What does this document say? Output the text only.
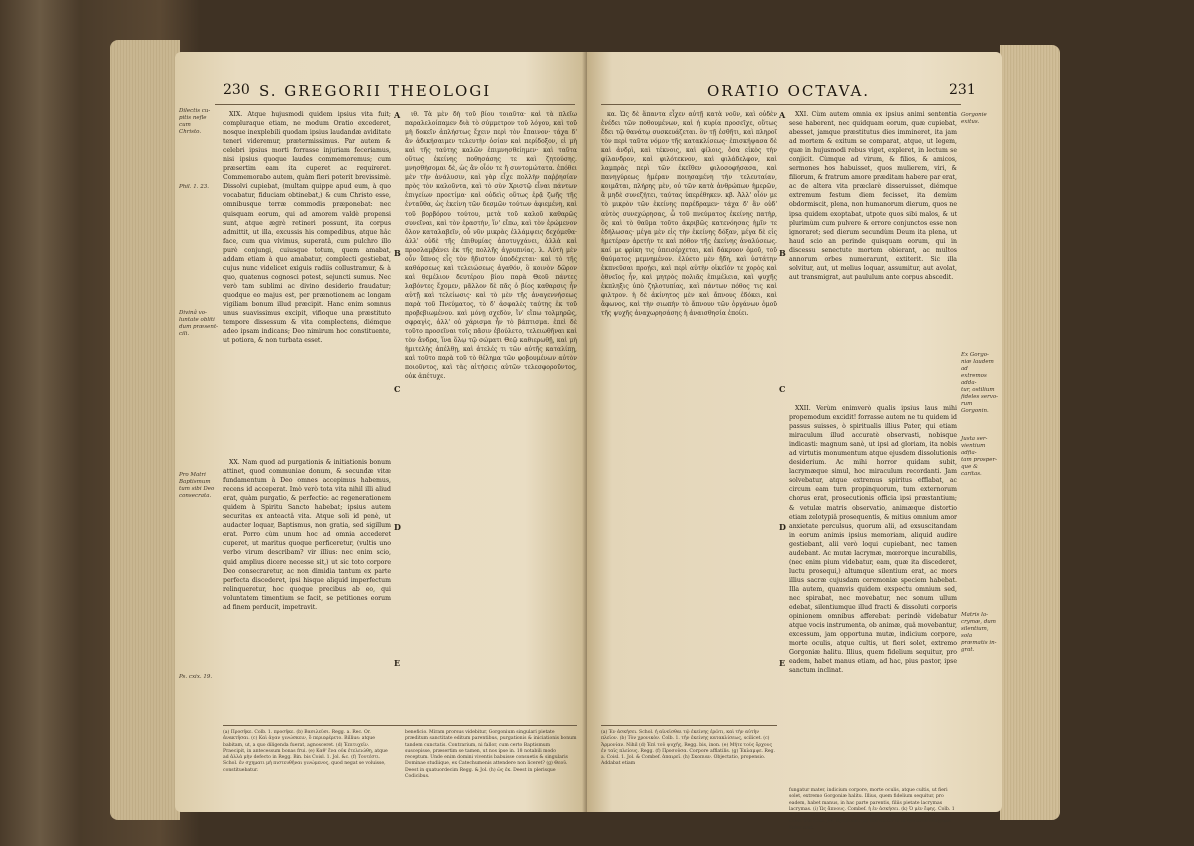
230 S. GREGORII THEOLOGI
Dilectis cu-
pitis nefle cum
Christo.
Phil. 1. 23.
Divinâ vo-
luntate obliti
dum præsent-
cili.
Pro Matri
Baptismum
tum sibi Deo
consecrata.
Ps. cxix. 19.

XIX. Atque hujusmodi quidem ipsius vita fuit; compluraque etiam, ne modum Oratio excederet, nosque inexplebili quodam ipsius laudandæ aviditate teneri videremur, prætermissimus. Par autem & celebri ipsius morti forrasse injuriam feceriamus, nisi ipsius quoque laudes commemoremus; cum præsertim eam ita cuperet ac requireret. Commemorabo autem, quàm fieri poterit brevissimè. Dissolvi cupiebat, (multam quippe apud eum, à quo vocabatur, fiduciam obtinebat,) & cum Christo esse, omnibusque terræ commodis præponebat: nec quisquam eorum, qui ad amorem valdè propensi sunt, atque ægrè retineri possunt, ita corpus admittit, ut illa, excussis his compedibus, atque hâc face, cum qua vivimus, superatâ, cum pulchro illo purè conjungi, cuiusque totum, quem amabat, addam etiam à quo amabatur, complecti gestiebat, cujus nunc videlicet exiguis radiis collustramur, & à quo, quatenus cognosci potest, sejuncti sumus. Nec verò tam sublimi ac divino desiderio fraudatur; quodque eo majus est, per prænotionem ac longam vigiliam bonum illud præcipit. Hanc enim somnus unus suavissimus excipit, vifioque una præstituto tempore dissessum & vita complectens, diémque adeo ipsam indicans; Deo nimirum hoc constituente, ut potiora, & non turbata esset.

XX. Nam quod ad purgationis & initiationis bonum attinet, quod communiae donum, & secundæ vitæ fundamentum à Deo omnes accepimus habemus, recens id acceperat. Imò verò tota vita nihil illi aliud erat, quàm purgatio, & perfectio: ac regenerationem quidem à Spiritu Sancto habebat; ipsius autem securitas ex anteactâ vita. Atque soli id penè, ut audacter loquar, Baptismus, non gratia, sed sigillum erat. Porro cùm unum hoc ad omnia accederet cuperet, ut maritus quoque perficeretur, (vultis uno verbo virum describam? vir illius: nec enim scio, quid amplius dicere necesse sit,) ut sic toto corpore Deo consecraretur, ac non dimidia tantum ex parte perfecta discederet, ipsi hisque aliquid imperfectum relinqueretur, hoc quoque precibus ab eo, qui voluntatem timentium se facit, se petitiones eorum ad finem perducit, impetravit.

A
B
C
D
E

ιθ. Τὰ μὲν δὴ τοῦ βίου τοιαῦτα· καὶ τὰ πλεῖω παραλελοίπαμεν διὰ τὸ σύμμετρον τοῦ λόγου, καὶ τοῦ μὴ δοκεῖν ἀπλήστως ἔχειν περὶ τὸν ἔπαινον· τάχα δ' ἂν ἀδικήσαιμεν τελευτὴν ὁσίαν καὶ περίδοξον, εἰ μὴ καὶ τῆς ταύτης καλῶν ἐπιμνησθείημεν· καὶ ταῦτα οὕτως ἐκείνης ποθησάσης τε καὶ ζητούσης. μνησθήσομαι δὲ, ὡς ἂν οἷόν τε ἢ συντομώτατα. ἐπόθει μὲν τὴν ἀνάλυσιν, καὶ γὰρ εἶχε πολλὴν παῤῥησίαν πρὸς τὸν καλοῦντα, καὶ τὸ σὺν Χριστῷ εἶναι πάντων ἐπιγείων προετίμα· καὶ οὐδεὶς οὕτως ἐρᾷ ζωῆς τῆς ἐνταῦθα, ὡς ἐκείνη τῶν δεσμῶν τούτων ἀφιεμένη, καὶ τοῦ βορβόρου τούτου, μετὰ τοῦ καλοῦ καθαρῶς συνεῖναι, καὶ τὸν ἐραστὴν, ἵν' εἴπω, καὶ τὸν ἐρώμενον ὅλον καταλαβεῖν, οὗ νῦν μικρὰς ἐλλάμψεις δεχόμεθα· ἀλλ' οὐδὲ τῆς ἐπιθυμίας ἀποτυγχάνει, ἀλλὰ καὶ προσλαμβάνει ἐκ τῆς πολλῆς ἀγρυπνίας. λ. Αὐτὴ μὲν οὖν ὕπνος εἷς τὸν ἥδιστον ὑποδέχεται· καὶ τὸ τῆς καθάρσεως καὶ τελειώσεως ἀγαθόν, ὃ κοινὸν δῶρον καὶ θεμέλιον δευτέρου βίου παρὰ Θεοῦ πάντες λαβόντες ἔχομεν, μᾶλλον δὲ πᾶς ὁ βίος καθαρσις ἦν αὐτῇ καὶ τελείωσις· καὶ τὸ μὲν τῆς ἀναγεννήσεως παρὰ τοῦ Πνεύματος, τὸ δ' ἀσφαλὲς ταύτης ἐκ τοῦ προβεβιωμένου. καὶ μόνῃ σχεδὸν, ἵν' εἴπω τολμηρῶς, σφραγὶς, ἀλλ' οὐ χάρισμα ἦν τὸ βάπτισμα. ἐπεὶ δὲ τοῦτο προσεῖναι τοῖς πᾶσιν ἐβούλετο, τελειωθῆναι καὶ τὸν ἄνδρα, ἵνα ὅλῳ τῷ σώματι Θεῷ καθιερωθῇ, καὶ μὴ ἡμιτελὴς ἀπέλθῃ, καὶ ἀτελές τι τῶν αὐτῆς καταλίπῃ, καὶ τοῦτο παρὰ τοῦ τὸ θέλημα τῶν φοβουμένων αὐτὸν ποιοῦντος, καὶ τὰς αἰτήσεις αὐτῶν τελεσφοροῦντος, οὐκ ἀπέτυχε.

(a) Προσῆκε. Colb. 1. προσῆκε. (b) Βασιλεῦσι. Regg. a. Rec. Or. ἀνακτῆσαι. (c) Καὶ ἀγαν γινώσκειν, ὃ περιεφέρετο. Billius: atque babitam, ut, a quo diligenda fuerat, agnosceret. (d) Ἐπιτυχεῖν. Praecipit, in antecessum bonas frui. (e) Καθ' ἕνα οὐκ ἐτελειώθη, atque ad ἀλλὰ μὴν defecto in Regg. Bin. bis Coisl. 1. Jol. &c. (f) Τουτέστι. Schol. ἐν σχηματι μὴ πιστευθῆναι γινώμενος, quod negat se voluisse, constituebatur.
beneficio. Miram prorsus videbitur, Gorgonium singulari pietate præditum sanctitate editum parentibus, purgationis & iniciationis bonum tandem cunctatis. Contrarium, ni fallor, cum certo Baptismum suscepisse, præsertim se tamen, ut nos ipse in. 18 notabili modo receptum. Unde enim domini viventis babuisse consuetis & singularis Dominae studiique, ex Catechumenis attendere non liceret? (g) Θεοῦ. Deest in quatuordecim Regg. & Jol. (h) ὡς ἐκ. Deest in plerisque Codicibus.
ORATIO OCTAVA.	231

κα. Ὡς δὲ ἅπαντα εἶχεν αὐτῇ κατὰ νοῦν, καὶ οὐδὲν ἐνέδει τῶν ποθουμένων, καὶ ἡ κυρία προσεῖχε, οὕτως ἔδει τῷ θανάτῳ συσκευάζεται. ὃν τῇ ἐσθῆτι, καὶ πληροῖ τὸν περὶ ταῦτα νόμον τῆς κατακλίσεως· ἐπισκήψασα δὲ καὶ ἀνδρὶ, καὶ τέκνοις, καὶ φίλοις, ὅσα εἰκὸς τὴν φίλανδρον, καὶ φιλότεκνον, καὶ φιλάδελφον, καὶ λαμπρὰς περὶ τῶν ἐκεῖθεν φιλοσοφήσασα, καὶ πανηγύρεως ἡμέραν ποιησαμένη τὴν τελευταίαν, κοιμᾶται, πλήρης μὲν, οὐ τῶν κατὰ ἀνθρώπων ἡμερῶν, ἃ μηδὲ συνεζήτει, ταύτας ὑπερέθηκεν. κβ. Ἀλλ' οἷόν με τὸ μικρὸν τῶν ἐκείνης παρέδραμεν· τάχα δ' ἂν οὐδ' αὐτὸς συνεχώρησας, ὦ τοῦ πνεύματος ἐκείνης πατὴρ, ὃς καὶ τὸ θαῦμα τοῦτο ἀκριβῶς κατενόησας ἡμῖν τε ἐδήλωσας· μέγα μὲν εἰς τὴν ἐκείνης δόξαν, μέγα δὲ εἰς ἡμετέραν ἀρετὴν τε καὶ πόθον τῆς ἐκείνης ἀναλύσεως. καί με φρίκη τις ὑπεισέρχεται, καὶ δάκρυον ὁμοῦ, τοῦ θαύματος μεμνημένον. ἐλύετο μὲν ἤδη, καὶ ὑστάτην ἐκπνεῦσαι προῄει, καὶ περὶ αὐτὴν οἰκεῖόν τε χορὸς καὶ ὀθνεῖος ἦν, καὶ μητρὸς πολιᾶς ἐπιμέλεια, καὶ ψυχῆς ἐκπληξις ὑπὸ ζηλοτυπίας, καὶ πάντων πόθος τις καὶ φιλτρον. ἡ δὲ ἀκίνητος μὲν καὶ ἄπνους ἐδόκει, καὶ ἄφωνος, καὶ τὴν σιωπὴν τὸ ἄπνουν τῶν ὀργάνων ὁμοῦ τῆς ψυχῆς ἀναχωρησάσης ἡ ἀναισθησία ἐποίει.

A
B
C
D
E

XXI. Cùm autem omnia ex ipsius animi sententia sese haberent, nec quidquam eorum, quæ cupiebat, abesset, jamque præstitutus dies immineret, ita jam ad mortem & exitum se comparat, atque, ut legem, quæ in hujusmodi rebus viget, expleret, in lectum se conjicit. Cùmque ad virum, & filios, & amicos, sermones hos habuisset, quos mulierem, viri, & filiorum, & fratrum amore præditam habere par erat, ac de altera vita præclarè disseruisset, diémque extremum festum diem fecisset, ita demùm obdormiscit, plena, non humanorum dierum, quos ne ipsa quidem exoptabat, utpote quos sibi malos, & ut plurimùm cum pulvere & errore conjunctos esse non ignoraret; sed dierum secundùm Deum ita plena, ut haud scio an perinde quisquam eorum, qui in discessu senectute mortem obierant, ac multos annorum orbes numerarunt, extiterit. Sic illa solvitur, aut, ut melius loquar, assumitur, aut avolat, aut transmigrat, aut paululum ante corpus abscedit.

XXII. Verùm enimverò qualis ipsius laus mihi propemodum excidit! forrasse autem ne tu quidem id passus suisses, ò spiritualis illius Pater, qui etiam miraculum illud accuratè observasti, nobisque indicasti: magnum sanè, ut ipsi ad gloriam, ita nobis ad virtutis monumentum atque ejusdem dissolutionis desiderium. Ac mihi horror quidam subit, lacrymæque simul, hoc miraculum recordanti. Jam solvebatur, atque extremus spiritus efflabat, ac circum eam turn propinquorum, tum externorum chorus erat, prosecutionis officia ipsi præstantium; & vetulæ matris observatio, animæque distortio etiam zelotypiâ prosequentis, & mitius omnium amor anxietate perculsus, quorum alii, ad exsuscitandam in eorum animis ipsius memoriam, aliquid audire gestiebant, alii verò loqui cupiebant, nec tamen audebant. Ac mutæ lacrymæ, mœrorque incurabilis, (nec enim pium videbatur, eam, quæ ita discederet, luctu prosequi,) altumque silentium erat, ac mors illius sacræ cujusdam ceremoniæ speciem habebat. Illa autem, quamvis quidem exspectu omnium sed, nec spirabat, nec movebatur, nec sonum ullum edebat, silentiumque illud fracti & dissoluti corporis opinionem omnibus afferebat: perindè videbatur atque vocis instrumenta, ob animæ, quâ movebantur, excessum, jam opportuna mutæ, indicium corpore, morte oculis, atque cultis, ut fieri solet, extremo Gorgoniæ halitu. Illius, quem fidelium sequitur, pro eadem, habet manus etiam, ad hac, pius pastor, ipse sanctum inclinat.

Gorgonie
exitus.
Ex Gorgo-
niæ laudem ad
extremos adda-
tur, ostilium
fideles servo-
rum Gorgonin.
Justa ser-
vientium adfia-
tam prosper-
que & caritas.
Matris la-
crymæ, dum
silentium, sola
præmatis in-
grat.
(a) Ἐν ἀσκήσει. Schol. ἡ αἰνεῖσθαι τῷ ἐκείνης ἐρῶτι, καὶ τὴν αὐτὴν πλεῖον. (b) Τὸν χρονικὸν. Colb. 1. τῆν ἐκείνης κατακλίσεως, scilicet. (c) Ἁρμονίαν. Nihil (d) Ἐπὶ τοῦ ψυχῆς, Regg. bis, inon. (e) Μήτε τοὺς ὄρχους ἐν ταῖς πλείους. Regg. (f) Προσοῦσα. Corpore afflatilis. (g) Ἐκλαμψε. Reg. a. Coisl. 1. Jol. & Combef. ἀπαιρεῖ. (h) Σκοπιαν. Objectatio, propensio. Addabat etiam
fungatur mater, indicium corpore, morte oculis, atque cultis, ut fieri solet, extremo Gorgoniæ halitu. Illius, quem fidelium sequitur, pro eadem, habet manus, in hac parte parentis, filiis pietate lacrymas lacrymas. (i) Ὡς ἄπνους. Combef. ἡ ἐν ἀσκήσει. (k) Ὁ μὲν ἔφης. Colb. 1 & Jol. (l) Τελευταῖον. Rec. Si præcedat prudens. (m) Εὐσεβοῦσα. Duo Coisl. tria Colb. Jol. ἐξαίρεται. (n) Ἐπὶ πλοῦν & In spirituali Gorgonie Pater erat.
